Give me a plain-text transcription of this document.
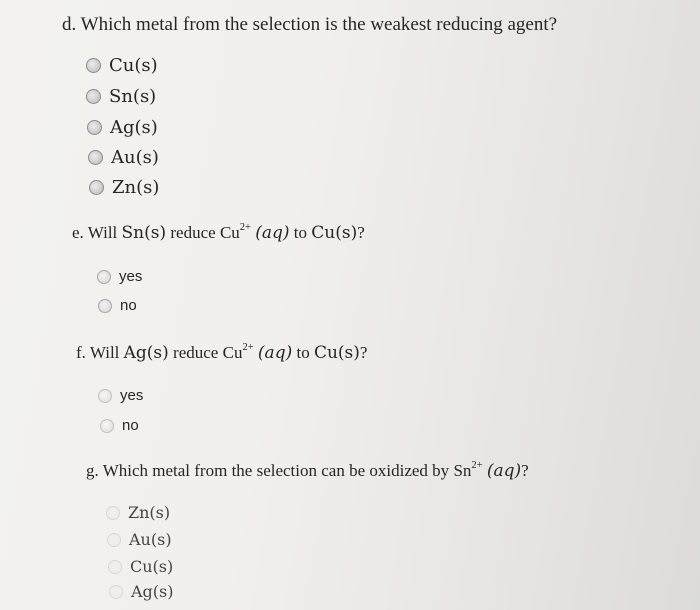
d. Which metal from the selection is the weakest reducing agent?
Cu(s)
Sn(s)
Ag(s)
Au(s)
Zn(s)
e. Will Sn(s) reduce $Cu^{2+}$ (aq) to Cu(s)?
yes
no
f. Will Ag(s) reduce $Cu^{2+}$ (aq) to Cu(s)?
yes
no
g. Which metal from the selection can be oxidized by $Sn^{2+}$ (aq)?
Zn(s)
Au(s)
Cu(s)
Ag(s)
